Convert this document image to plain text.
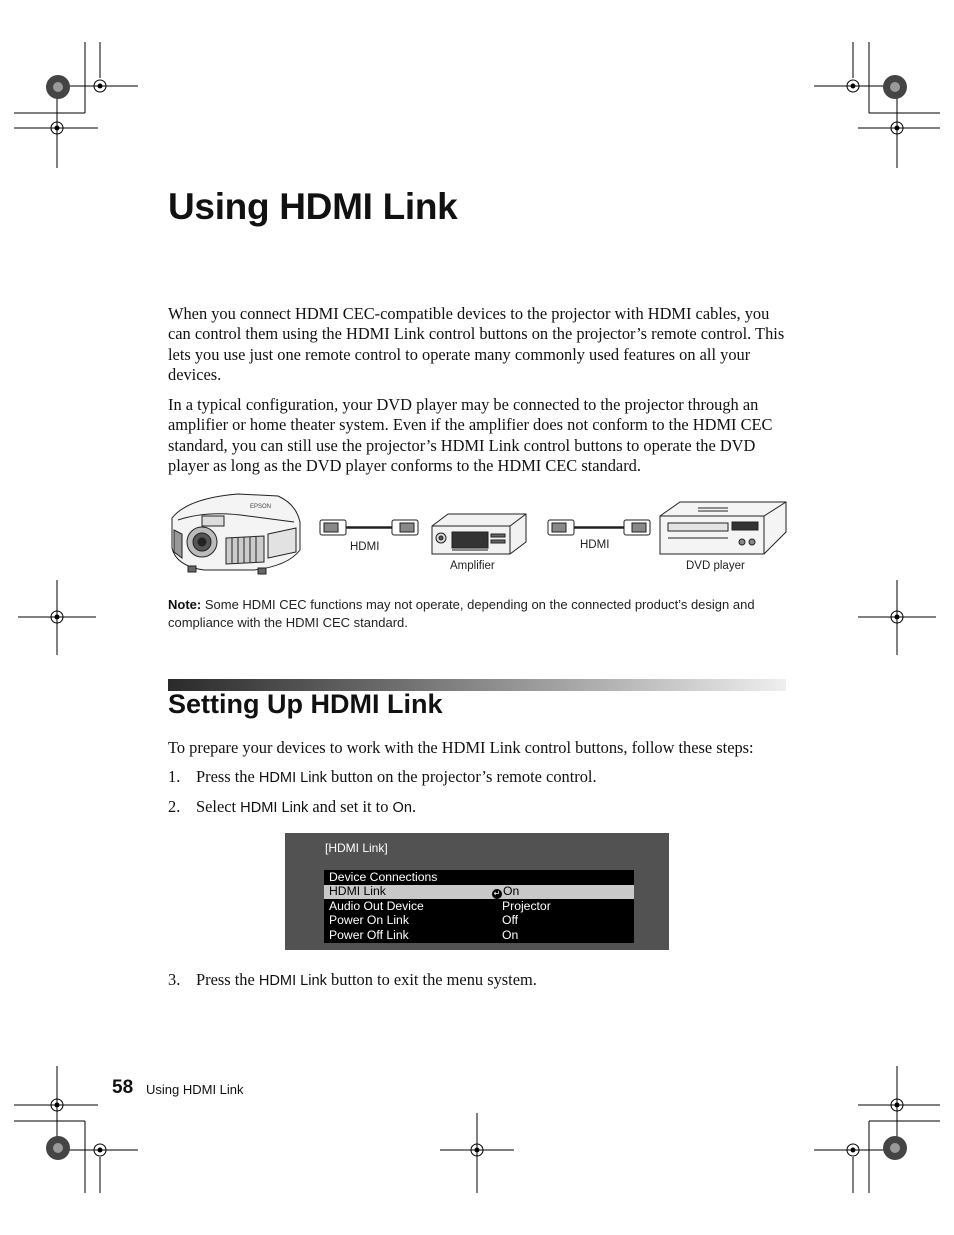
Using HDMI Link
When you connect HDMI CEC-compatible devices to the projector with HDMI cables, you can control them using the HDMI Link control buttons on the projector’s remote control. This lets you use just one remote control to operate many commonly used features on all your devices.
In a typical configuration, your DVD player may be connected to the projector through an amplifier or home theater system. Even if the amplifier does not conform to the HDMI CEC standard, you can still use the projector’s HDMI Link control buttons to operate the DVD player as long as the DVD player conforms to the HDMI CEC standard.
EPSON
HDMI
Amplifier
HDMI
DVD player
Note: Some HDMI CEC functions may not operate, depending on the connected product’s design and compliance with the HDMI CEC standard.
Setting Up HDMI Link
To prepare your devices to work with the HDMI Link control buttons, follow these steps:
1. Press the HDMI Link button on the projector’s remote control.
2. Select HDMI Link and set it to On.
[HDMI Link]
Device Connections
HDMI Link	↵ On
Audio Out Device	Projector
Power On Link	Off
Power Off Link	On
3. Press the HDMI Link button to exit the menu system.
58 Using HDMI Link
